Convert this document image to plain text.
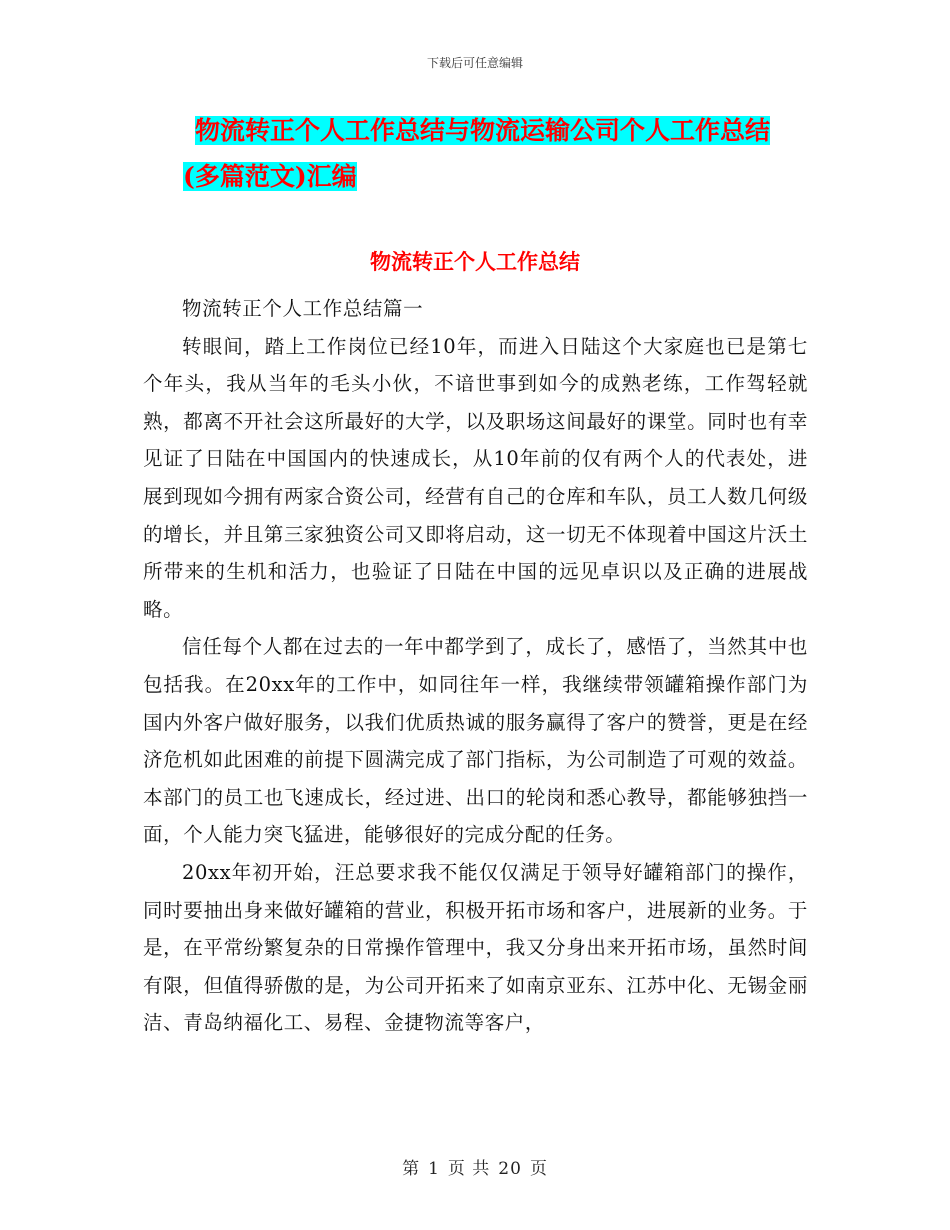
下载后可任意编辑
物流转正个人工作总结与物流运输公司个人工作总结
(多篇范文)汇编
物流转正个人工作总结

物流转正个人工作总结篇一

转眼间，踏上工作岗位已经10年，而进入日陆这个大家庭也已是第七个年头，我从当年的毛头小伙，不谙世事到如今的成熟老练，工作驾轻就熟，都离不开社会这所最好的大学，以及职场这间最好的课堂。同时也有幸见证了日陆在中国国内的快速成长，从10年前的仅有两个人的代表处，进展到现如今拥有两家合资公司，经营有自己的仓库和车队，员工人数几何级的增长，并且第三家独资公司又即将启动，这一切无不体现着中国这片沃土所带来的生机和活力，也验证了日陆在中国的远见卓识以及正确的进展战略。

信任每个人都在过去的一年中都学到了，成长了，感悟了，当然其中也包括我。在20xx年的工作中，如同往年一样，我继续带领罐箱操作部门为国内外客户做好服务，以我们优质热诚的服务赢得了客户的赞誉，更是在经济危机如此困难的前提下圆满完成了部门指标，为公司制造了可观的效益。本部门的员工也飞速成长，经过进、出口的轮岗和悉心教导，都能够独挡一面，个人能力突飞猛进，能够很好的完成分配的任务。

20xx年初开始，汪总要求我不能仅仅满足于领导好罐箱部门的操作，同时要抽出身来做好罐箱的营业，积极开拓市场和客户，进展新的业务。于是，在平常纷繁复杂的日常操作管理中，我又分身出来开拓市场，虽然时间有限，但值得骄傲的是，为公司开拓来了如南京亚东、江苏中化、无锡金丽洁、青岛纳福化工、易程、金捷物流等客户，

第 1 页 共 20 页
